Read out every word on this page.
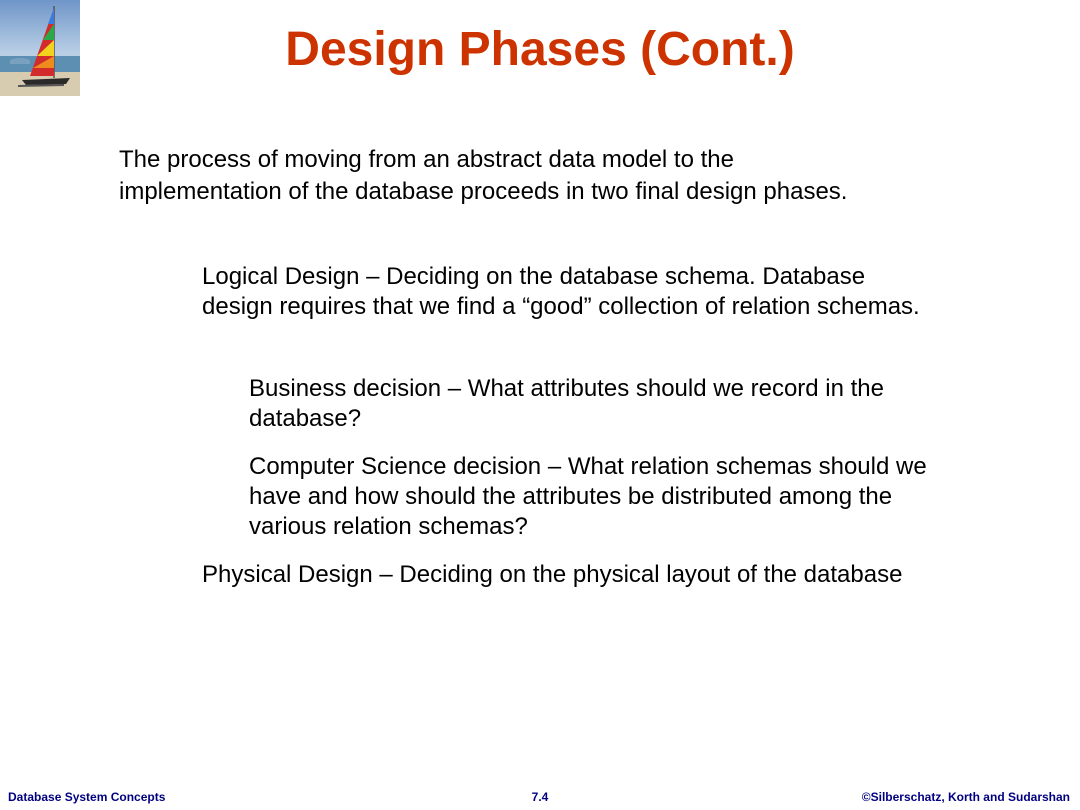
Design Phases (Cont.)
The process of moving from an abstract data model to the implementation of the database proceeds in two final design phases.
Logical Design – Deciding on the database schema. Database design requires that we find a “good” collection of relation schemas.
Business decision – What attributes should we record in the database?
Computer Science decision – What relation schemas should we have and how should the attributes be distributed among the various relation schemas?
Physical Design – Deciding on the physical layout of the database
Database System Concepts	7.4	©Silberschatz, Korth and Sudarshan
